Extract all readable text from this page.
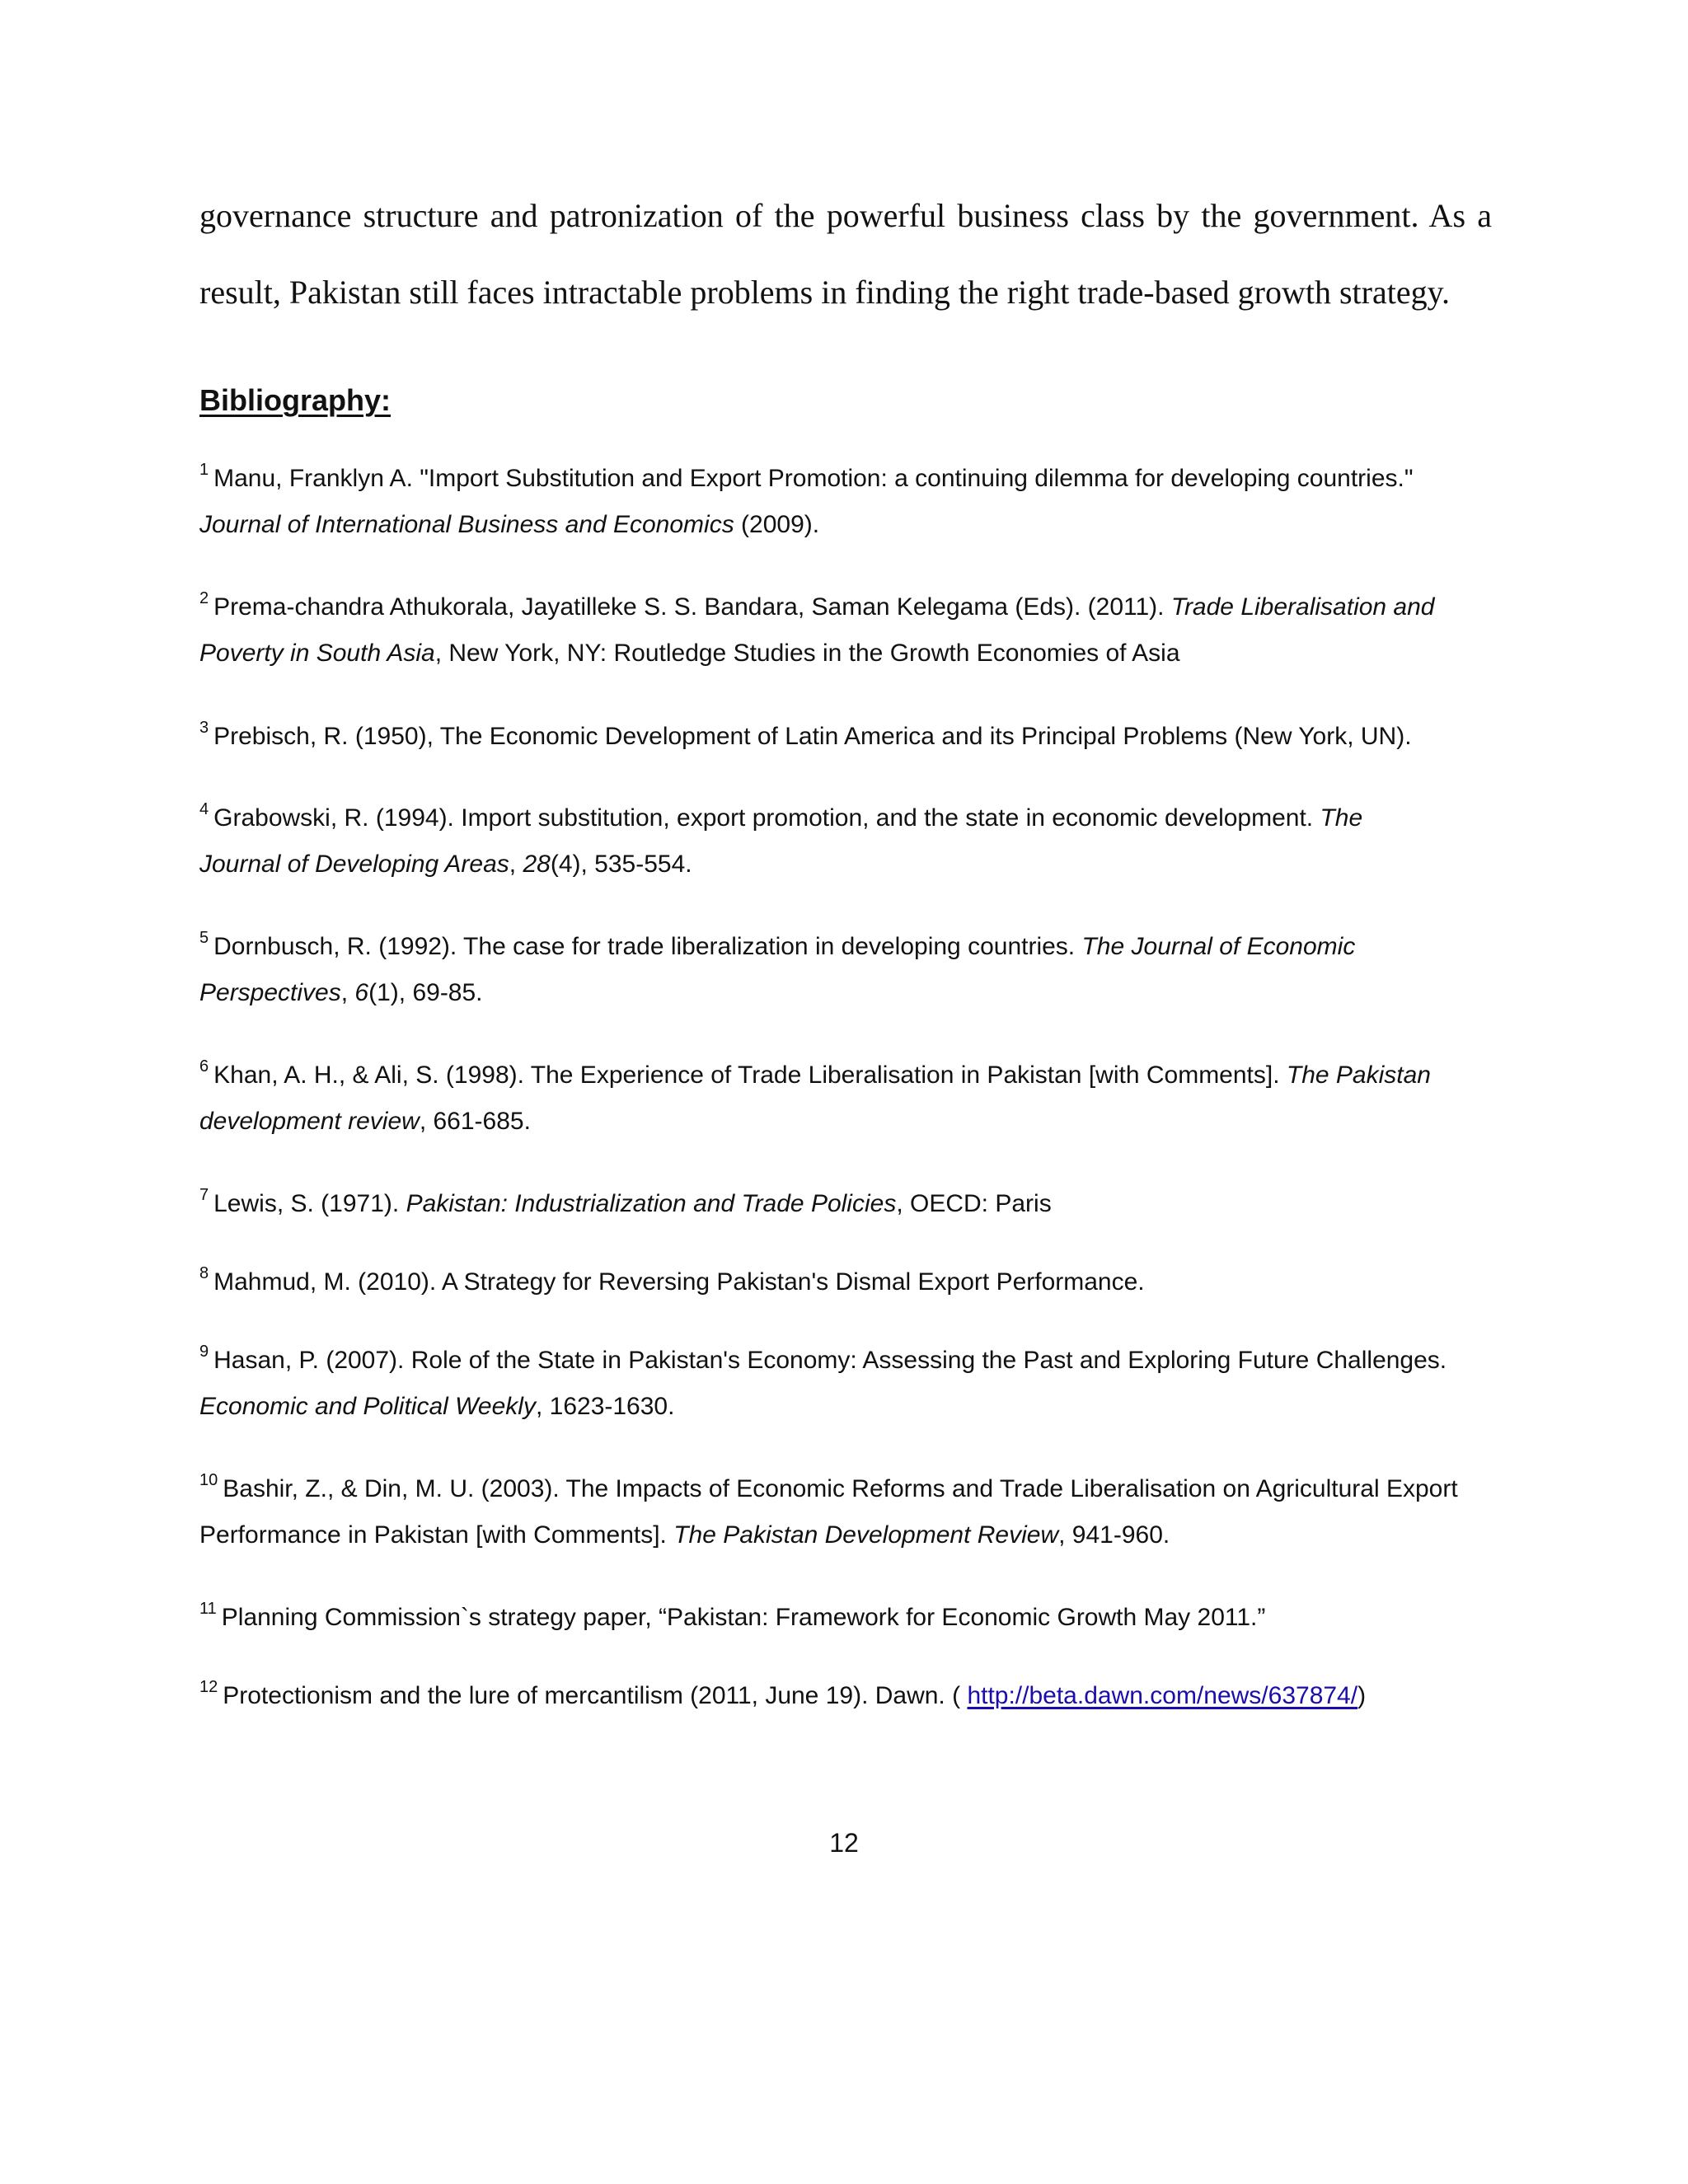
governance structure and patronization of the powerful business class by the government. As a
result, Pakistan still faces intractable problems in finding the right trade-based growth strategy.
Bibliography:
$^1$ Manu, Franklyn A. "Import Substitution and Export Promotion: a continuing dilemma for developing countries."
Journal of International Business and Economics (2009).
$^2$ Prema-chandra Athukorala, Jayatilleke S. S. Bandara, Saman Kelegama (Eds). (2011). Trade Liberalisation and
Poverty in South Asia, New York, NY: Routledge Studies in the Growth Economies of Asia
$^3$ Prebisch, R. (1950), The Economic Development of Latin America and its Principal Problems (New York, UN).
$^4$ Grabowski, R. (1994). Import substitution, export promotion, and the state in economic development. The
Journal of Developing Areas, 28(4), 535-554.
$^5$ Dornbusch, R. (1992). The case for trade liberalization in developing countries. The Journal of Economic
Perspectives, 6(1), 69-85.
$^6$ Khan, A. H., & Ali, S. (1998). The Experience of Trade Liberalisation in Pakistan [with Comments]. The Pakistan
development review, 661-685.
$^7$ Lewis, S. (1971). Pakistan: Industrialization and Trade Policies, OECD: Paris
$^8$ Mahmud, M. (2010). A Strategy for Reversing Pakistan's Dismal Export Performance.
$^9$ Hasan, P. (2007). Role of the State in Pakistan's Economy: Assessing the Past and Exploring Future Challenges.
Economic and Political Weekly, 1623-1630.
$^{10}$ Bashir, Z., & Din, M. U. (2003). The Impacts of Economic Reforms and Trade Liberalisation on Agricultural Export
Performance in Pakistan [with Comments]. The Pakistan Development Review, 941-960.
$^{11}$ Planning Commission`s strategy paper, “Pakistan: Framework for Economic Growth May 2011.”
$^{12}$ Protectionism and the lure of mercantilism (2011, June 19). Dawn. ( http://beta.dawn.com/news/637874/)
12
